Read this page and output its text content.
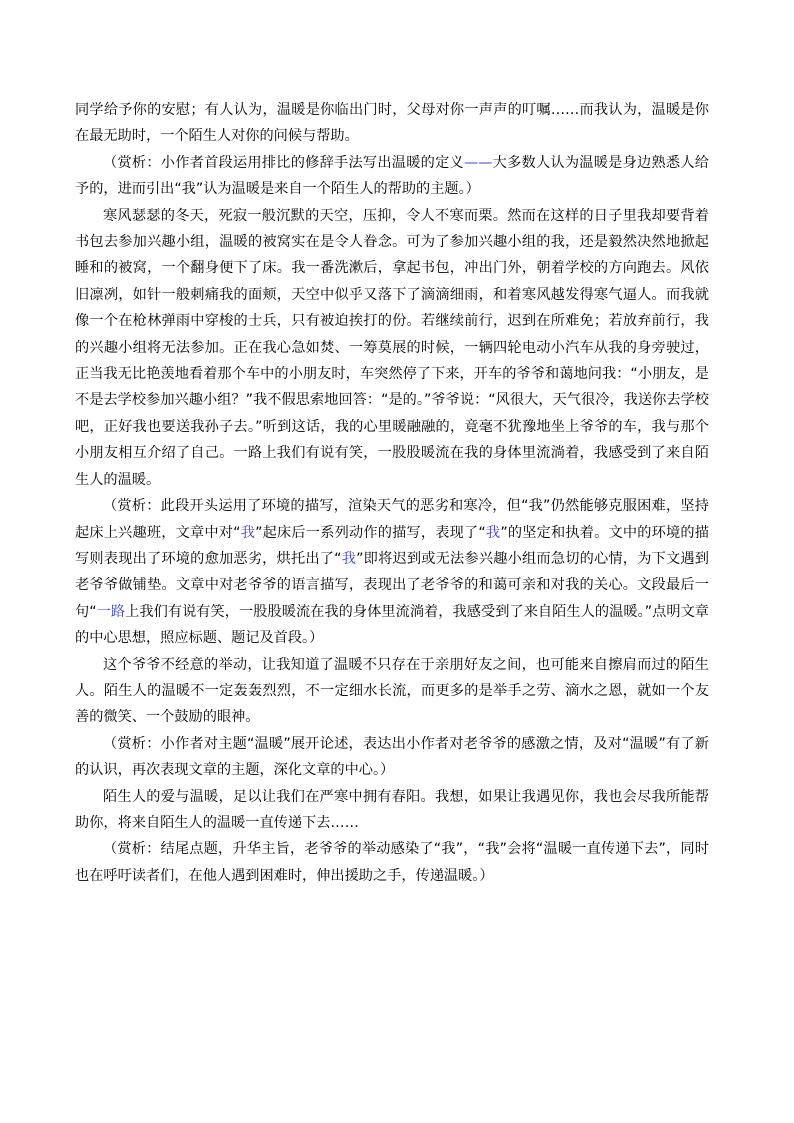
同学给予你的安慰；有人认为，温暖是你临出门时，父母对你一声声的叮嘱……而我认为，温暖是你在最无助时，一个陌生人对你的问候与帮助。

（赏析：小作者首段运用排比的修辞手法写出温暖的定义——大多数人认为温暖是身边熟悉人给予的，进而引出“我”认为温暖是来自一个陌生人的帮助的主题。）

寒风瑟瑟的冬天，死寂一般沉默的天空，压抑，令人不寒而栗。然而在这样的日子里我却要背着书包去参加兴趣小组，温暖的被窝实在是令人眷念。可为了参加兴趣小组的我，还是毅然决然地掀起睡和的被窝，一个翻身便下了床。我一番洗漱后，拿起书包，冲出门外，朝着学校的方向跑去。风依旧凛冽，如针一般刺痛我的面颊，天空中似乎又落下了滴滴细雨，和着寒风越发得寒气逼人。而我就像一个在枪林弹雨中穿梭的士兵，只有被迫挨打的份。若继续前行，迟到在所难免；若放弃前行，我的兴趣小组将无法参加。正在我心急如焚、一筹莫展的时候，一辆四轮电动小汽车从我的身旁驶过，正当我无比艳羡地看着那个车中的小朋友时，车突然停了下来，开车的爷爷和蔼地问我：“小朋友，是不是去学校参加兴趣小组？”我不假思索地回答：“是的。”爷爷说：“风很大，天气很冷，我送你去学校吧，正好我也要送我孙子去。”听到这话，我的心里暖融融的，竟毫不犹豫地坐上爷爷的车，我与那个小朋友相互介绍了自己。一路上我们有说有笑，一股股暖流在我的身体里流淌着，我感受到了来自陌生人的温暖。

（赏析：此段开头运用了环境的描写，渲染天气的恶劣和寒冷，但“我”仍然能够克服困难，坚持起床上兴趣班，文章中对“我”起床后一系列动作的描写，表现了“我”的坚定和执着。文中的环境的描写则表现出了环境的愈加恶劣，烘托出了“我”即将迟到或无法参兴趣小组而急切的心情，为下文遇到老爷爷做铺垫。文章中对老爷爷的语言描写，表现出了老爷爷的和蔼可亲和对我的关心。文段最后一句“一路上我们有说有笑，一股股暖流在我的身体里流淌着，我感受到了来自陌生人的温暖。”点明文章的中心思想，照应标题、题记及首段。）

这个爷爷不经意的举动，让我知道了温暖不只存在于亲朋好友之间，也可能来自擦肩而过的陌生人。陌生人的温暖不一定轰轰烈烈，不一定细水长流，而更多的是举手之劳、滴水之恩，就如一个友善的微笑、一个鼓励的眼神。

（赏析：小作者对主题“温暖”展开论述，表达出小作者对老爷爷的感激之情，及对“温暖”有了新的认识，再次表现文章的主题，深化文章的中心。）

陌生人的爱与温暖，足以让我们在严寒中拥有春阳。我想，如果让我遇见你，我也会尽我所能帮助你，将来自陌生人的温暖一直传递下去……

（赏析：结尾点题，升华主旨，老爷爷的举动感染了“我”，“我”会将“温暖一直传递下去”，同时也在呼吁读者们，在他人遇到困难时，伸出援助之手，传递温暖。）
